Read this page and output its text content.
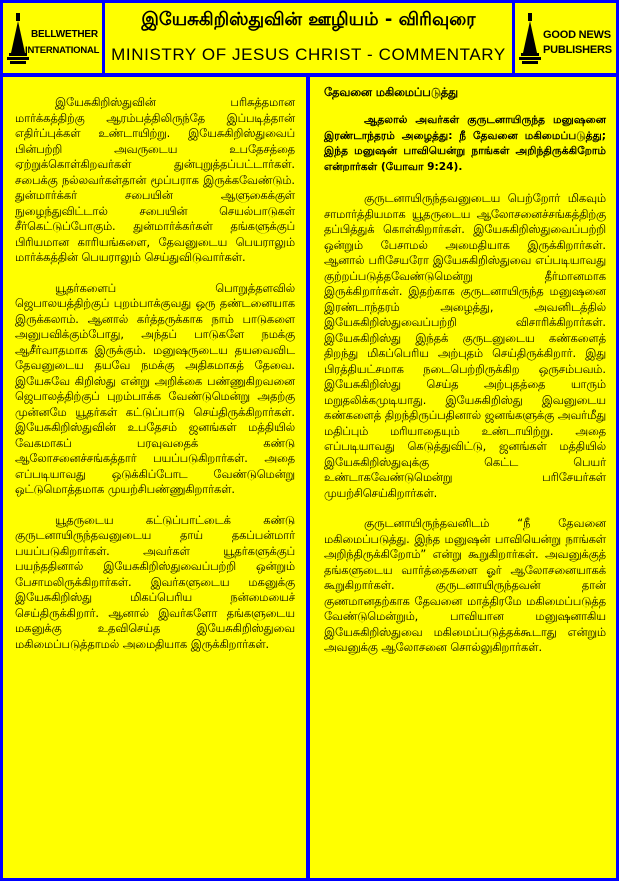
BELLWETHER
INTERNATIONAL
இயேசுகிறிஸ்துவின் ஊழியம் - விரிவுரை
MINISTRY OF JESUS CHRIST - COMMENTARY
GOOD NEWS
PUBLISHERS

இயேசுகிறிஸ்துவின் பரிசுத்தமான மார்க்கத்திற்கு ஆரம்பத்திலிருந்தே இப்படித்தான் எதிர்ப்புக்கள் உண்டாயிற்று. இயேசுகிறிஸ்துவைப் பின்பற்றி அவருடைய உபதேசத்தை ஏற்றுக்கொள்கிறவர்கள் துன்புறுத்தப்பட்டார்கள். சபைக்கு நல்லவர்கள்தான் மூப்பராக இருக்கவேண்டும். துன்மார்க்கர் சபையின் ஆளுகைக்குள் நுழைந்துவிட்டால் சபையின் செயல்பாடுகள் சீர்கெட்டுப்போகும். துன்மார்க்கர்கள் தங்களுக்குப் பிரியமான காரியங்களை, தேவனுடைய பெயராலும் மார்க்கத்தின் பெயராலும் செய்துவிடுவார்கள்.

யூதர்களைப் பொறுத்தளவில் ஜெபாலயத்திற்குப் புறம்பாக்குவது ஒரு தண்டனையாக இருக்கலாம். ஆனால் கர்த்தருக்காக நாம் பாடுகளை அனுபவிக்கும்போது, அந்தப் பாடுகளே நமக்கு ஆசீர்வாதமாக இருக்கும். மனுஷருடைய தயவைவிட தேவனுடைய தயவே நமக்கு அதிகமாகத் தேவை. இயேசுவே கிறிஸ்து என்று அறிக்கை பண்ணுகிறவனை ஜெபாலத்திற்குப் புறம்பாக்க வேண்டுமென்று அதற்கு முன்னமே யூதர்கள் கட்டுப்பாடு செய்திருக்கிறார்கள். இயேசுகிறிஸ்துவின் உபதேசம் ஜனங்கள் மத்தியில் வேகமாகப் பரவுவதைக் கண்டு ஆலோசனைச்சங்கத்தார் பயப்படுகிறார்கள். அதை எப்படியாவது ஒடுக்கிப்போட வேண்டுமென்று ஒட்டுமொத்தமாக முயற்சிபண்ணுகிறார்கள்.

யூதருடைய கட்டுப்பாட்டைக் கண்டு குருடனாயிருந்தவனுடைய தாய் தகப்பன்மார் பயப்படுகிறார்கள். அவர்கள் யூதர்களுக்குப் பயந்ததினால் இயேசுகிறிஸ்துவைப்பற்றி ஒன்றும் பேசாமலிருக்கிறார்கள். இவர்களுடைய மகனுக்கு இயேசுகிறிஸ்து மிகப்பெரிய நன்மையைச் செய்திருக்கிறார். ஆனால் இவர்களோ தங்களுடைய மகனுக்கு உதவிசெய்த இயேசுகிறிஸ்துவை மகிமைப்படுத்தாமல் அமைதியாக இருக்கிறார்கள்.

தேவனை மகிமைப்படுத்து
ஆதலால் அவர்கள் குருடனாயிருந்த மனுஷனை இரண்டாந்தரம் அழைத்து: நீ தேவனை மகிமைப்படுத்து; இந்த மனுஷன் பாவியென்று நாங்கள் அறிந்திருக்கிறோம் என்றார்கள் (யோவா 9:24).

குருடனாயிருந்தவனுடைய பெற்றோர் மிகவும் சாமார்த்தியமாக யூதருடைய ஆலோசனைச்சங்கத்திற்கு தப்பித்துக் கொள்கிறார்கள். இயேசுகிறிஸ்துவைப்பற்றி ஒன்றும் பேசாமல் அமைதியாக இருக்கிறார்கள். ஆனால் பரிசேயரோ இயேசுகிறிஸ்துவை எப்படியாவது குற்றப்படுத்தவேண்டுமென்று தீர்மானமாக இருக்கிறார்கள். இதற்காக குருடனாயிருந்த மனுஷனை இரண்டாந்தரம் அழைத்து, அவனிடத்தில் இயேசுகிறிஸ்துவைப்பற்றி விசாரிக்கிறார்கள். இயேசுகிறிஸ்து இந்தக் குருடனுடைய கண்களைத் திறந்து மிகப்பெரிய அற்புதம் செய்திருக்கிறார். இது பிரத்தியட்சமாக நடைபெற்றிருக்கிற ஒருசம்பவம். இயேசுகிறிஸ்து செய்த அற்புதத்தை யாரும் மறுதலிக்கமுடியாது. இயேசுகிறிஸ்து இவனுடைய கண்களைத் திறந்திருப்பதினால் ஜனங்களுக்கு அவர்மீது மதிப்பும் மரியாதையும் உண்டாயிற்று. அதை எப்படியாவது கெடுத்துவிட்டு, ஜனங்கள் மத்தியில் இயேசுகிறிஸ்துவுக்கு கெட்ட பெயர் உண்டாகவேண்டுமென்று பரிசேயர்கள் முயற்சிசெய்கிறார்கள்.

குருடனாயிருந்தவனிடம் “நீ தேவனை மகிமைப்படுத்து. இந்த மனுஷன் பாவியென்று நாங்கள் அறிந்திருக்கிறோம்” என்று கூறுகிறார்கள். அவனுக்குத் தங்களுடைய வார்த்தைகளை ஓர் ஆலோசனையாகக் கூறுகிறார்கள். குருடனாயிருந்தவன் தான் குணமானதற்காக தேவனை மாத்திரமே மகிமைப்படுத்த வேண்டுமென்றும், பாவியான மனுஷனாகிய இயேசுகிறிஸ்துவை மகிமைப்படுத்தக்கூடாது என்றும் அவனுக்கு ஆலோசனை சொல்லுகிறார்கள்.
